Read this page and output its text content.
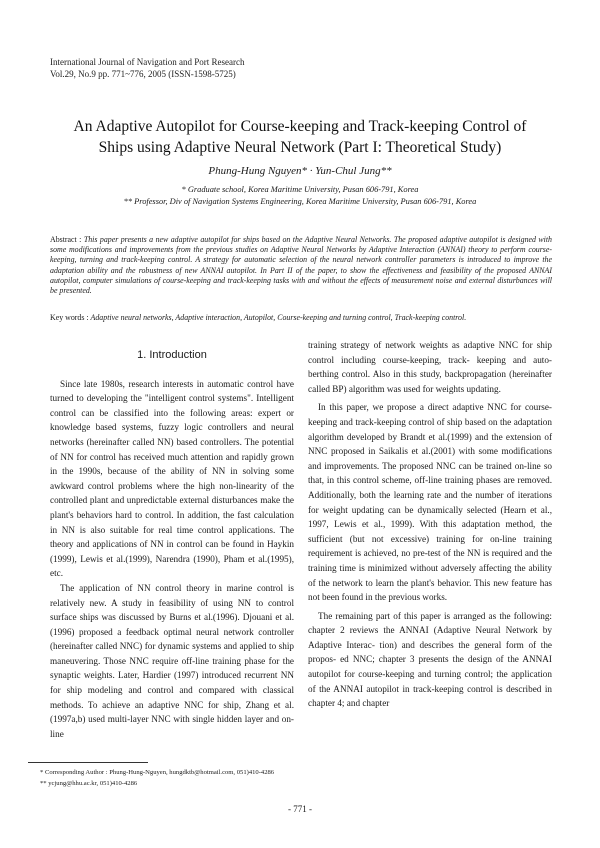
International Journal of Navigation and Port Research
Vol.29, No.9 pp. 771~776, 2005 (ISSN-1598-5725)
An Adaptive Autopilot for Course-keeping and Track-keeping Control of
Ships using Adaptive Neural Network (Part I: Theoretical Study)
Phung-Hung Nguyen* · Yun-Chul Jung**
* Graduate school, Korea Maritime University, Pusan 606-791, Korea
** Professor, Div of Navigation Systems Engineering, Korea Maritime University, Pusan 606-791, Korea
Abstract : This paper presents a new adaptive autopilot for ships based on the Adaptive Neural Networks. The proposed adaptive autopilot is designed with some modifications and improvements from the previous studies on Adaptive Neural Networks by Adaptive Interaction (ANNAI) theory to perform course-keeping, turning and track-keeping control. A strategy for automatic selection of the neural network controller parameters is introduced to improve the adaptation ability and the robustness of new ANNAI autopilot. In Part II of the paper, to show the effectiveness and feasibility of the proposed ANNAI autopilot, computer simulations of course-keeping and track-keeping tasks with and without the effects of measurement noise and external disturbances will be presented.
Key words : Adaptive neural networks, Adaptive interaction, Autopilot, Course-keeping and turning control, Track-keeping control.
1. Introduction

Since late 1980s, research interests in automatic control have turned to developing the "intelligent control systems". Intelligent control can be classified into the following areas: expert or knowledge based systems, fuzzy logic controllers and neural networks (hereinafter called NN) based controllers. The potential of NN for control has received much attention and rapidly grown in the 1990s, because of the ability of NN in solving some awkward control problems where the high non-linearity of the controlled plant and unpredictable external disturbances make the plant's behaviors hard to control. In addition, the fast calculation in NN is also suitable for real time control applications. The theory and applications of NN in control can be found in Haykin (1999), Lewis et al.(1999), Narendra (1990), Pham et al.(1995), etc.

The application of NN control theory in marine control is relatively new. A study in feasibility of using NN to control surface ships was discussed by Burns et al.(1996). Djouani et al.(1996) proposed a feedback optimal neural network controller (hereinafter called NNC) for dynamic systems and applied to ship maneuvering. Those NNC require off-line training phase for the synaptic weights. Later, Hardier (1997) introduced recurrent NN for ship modeling and control and compared with classical methods. To achieve an adaptive NNC for ship, Zhang et al.(1997a,b) used multi-layer NNC with single hidden layer and on-line

training strategy of network weights as adaptive NNC for ship control including course-keeping, track- keeping and auto-berthing control. Also in this study, backpropagation (hereinafter called BP) algorithm was used for weights updating.

In this paper, we propose a direct adaptive NNC for course-keeping and track-keeping control of ship based on the adaptation algorithm developed by Brandt et al.(1999) and the extension of NNC proposed in Saikalis et al.(2001) with some modifications and improvements. The proposed NNC can be trained on-line so that, in this control scheme, off-line training phases are removed. Additionally, both the learning rate and the number of iterations for weight updating can be dynamically selected (Hearn et al., 1997, Lewis et al., 1999). With this adaptation method, the sufficient (but not excessive) training for on-line training requirement is achieved, no pre-test of the NN is required and the training time is minimized without adversely affecting the ability of the network to learn the plant's behavior. This new feature has not been found in the previous works.

The remaining part of this paper is arranged as the following: chapter 2 reviews the ANNAI (Adaptive Neural Network by Adaptive Interac- tion) and describes the general form of the propos- ed NNC; chapter 3 presents the design of the ANNAI autopilot for course-keeping and turning control; the application of the ANNAI autopilot in track-keeping control is described in chapter 4; and chapter

* Corresponding Author : Phung-Hung-Nguyen, hungdktb@hotmail.com, 051)410-4286
** ycjung@hhu.ac.kr, 051)410-4286
- 771 -
